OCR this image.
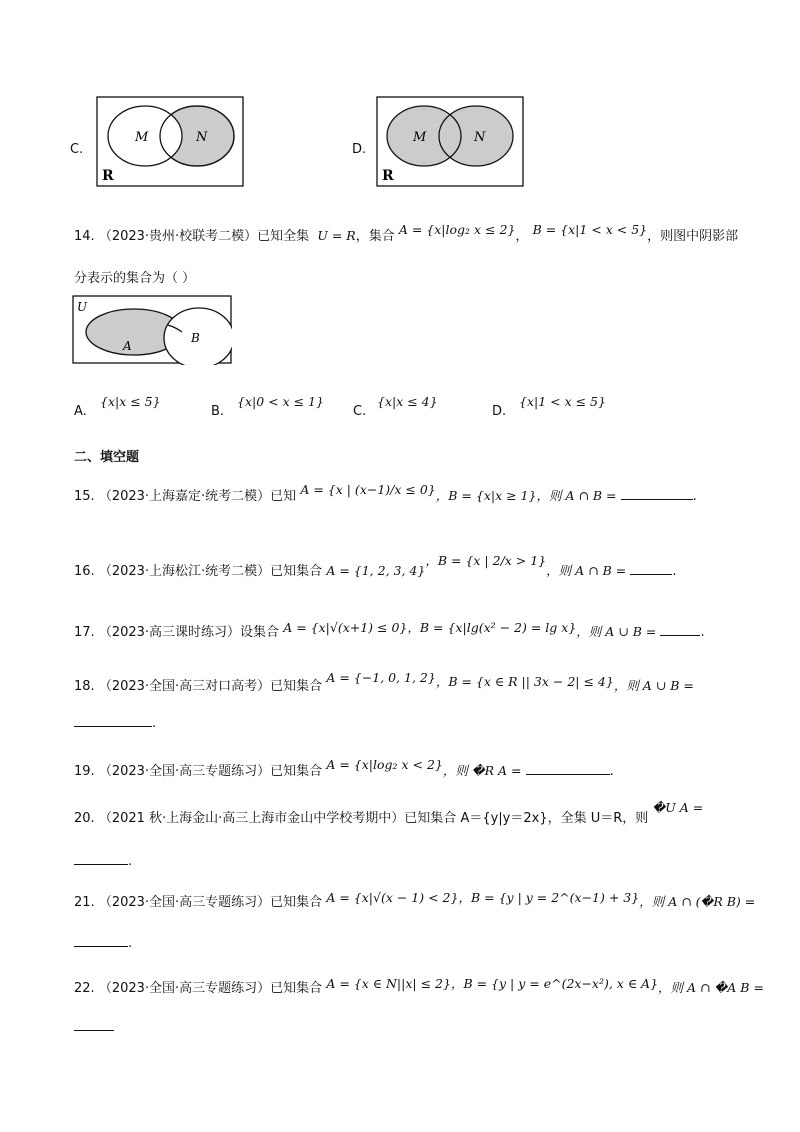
C.
M	N
R
D.
M	N
R
14. （2023·贵州·校联考二模）已知全集 U = R，集合 A = {x|log₂ x ≤ 2}， B = {x|1 < x < 5}，则图中阴影部
分表示的集合为（ ）
U
A
B
A.
{x|x ≤ 5}
B.
{x|0 < x ≤ 1}
C.
{x|x ≤ 4}
D.
{x|1 < x ≤ 5}
二、填空题
15. （2023·上海嘉定·统考二模）已知 A = {x | (x−1)/x ≤ 0}，B = {x|x ≥ 1}，则 A ∩ B =	.
16. （2023·上海松江·统考二模）已知集合 A = {1, 2, 3, 4}，B = {x | 2/x > 1}，则 A ∩ B =	.
17. （2023·高三课时练习）设集合 A = {x|√(x+1) ≤ 0}，B = {x|lg(x² − 2) = lg x}，则 A ∪ B =	.
18. （2023·全国·高三对口高考）已知集合 A = {−1, 0, 1, 2}，B = {x ∈ R || 3x − 2| ≤ 4}，则 A ∪ B =
.
19. （2023·全国·高三专题练习）已知集合 A = {x|log₂ x < 2}，则 �R A =	.
20. （2021 秋·上海金山·高三上海市金山中学校考期中）已知集合 A＝{y|y＝2x}，全集 U＝R，则 �U A =
.
21. （2023·全国·高三专题练习）已知集合 A = {x|√(x − 1) < 2}，B = {y | y = 2^(x−1) + 3}，则 A ∩ (�R B) =
.
22. （2023·全国·高三专题练习）已知集合 A = {x ∈ N||x| ≤ 2}，B = {y | y = e^(2x−x²), x ∈ A}，则 A ∩ �A B =
